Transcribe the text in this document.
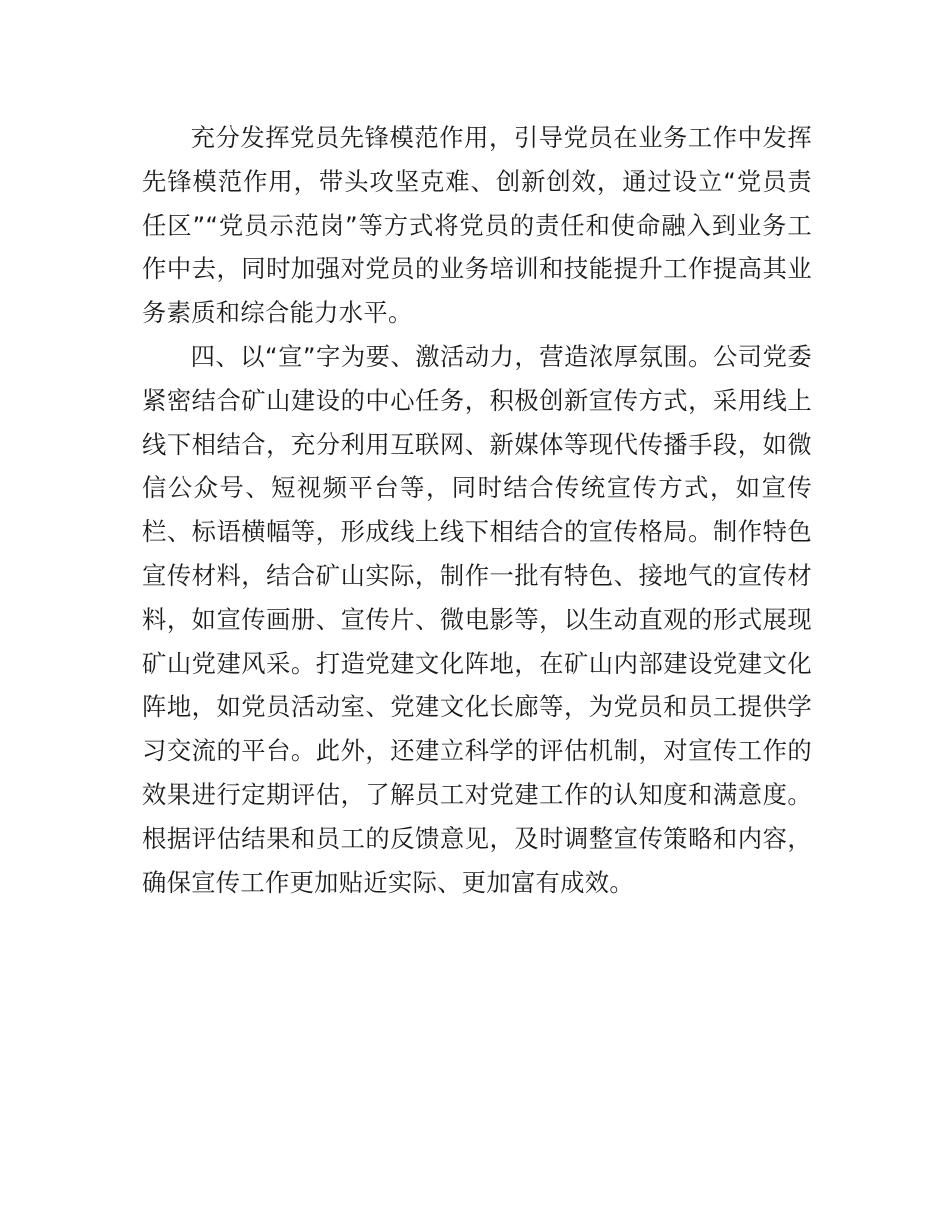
充分发挥党员先锋模范作用，引导党员在业务工作中发挥先锋模范作用，带头攻坚克难、创新创效，通过设立“党员责任区”“党员示范岗”等方式将党员的责任和使命融入到业务工作中去，同时加强对党员的业务培训和技能提升工作提高其业务素质和综合能力水平。

四、以“宣”字为要、激活动力，营造浓厚氛围。公司党委紧密结合矿山建设的中心任务，积极创新宣传方式，采用线上线下相结合，充分利用互联网、新媒体等现代传播手段，如微信公众号、短视频平台等，同时结合传统宣传方式，如宣传栏、标语横幅等，形成线上线下相结合的宣传格局。制作特色宣传材料，结合矿山实际，制作一批有特色、接地气的宣传材料，如宣传画册、宣传片、微电影等，以生动直观的形式展现矿山党建风采。打造党建文化阵地，在矿山内部建设党建文化阵地，如党员活动室、党建文化长廊等，为党员和员工提供学习交流的平台。此外，还建立科学的评估机制，对宣传工作的效果进行定期评估，了解员工对党建工作的认知度和满意度。根据评估结果和员工的反馈意见，及时调整宣传策略和内容，确保宣传工作更加贴近实际、更加富有成效。
